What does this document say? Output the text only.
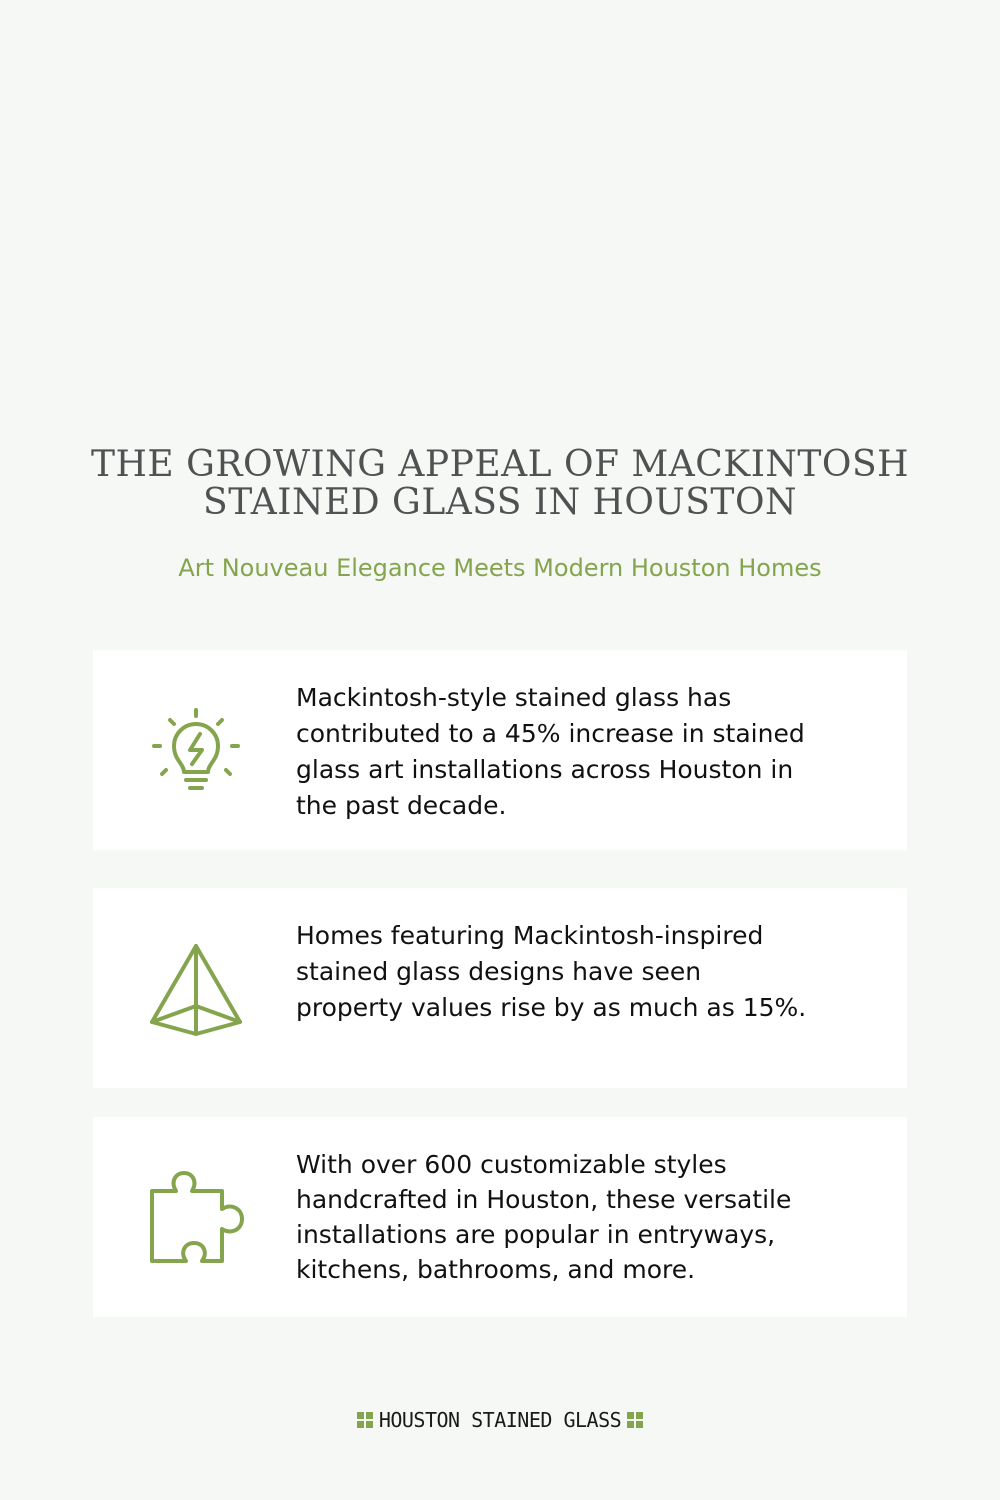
THE GROWING APPEAL OF MACKINTOSH
STAINED GLASS IN HOUSTON
Art Nouveau Elegance Meets Modern Houston Homes
Mackintosh-style stained glass has contributed to a 45% increase in stained glass art installations across Houston in the past decade.
Homes featuring Mackintosh-inspired stained glass designs have seen property values rise by as much as 15%.
With over 600 customizable styles handcrafted in Houston, these versatile installations are popular in entryways, kitchens, bathrooms, and more.
HOUSTON STAINED GLASS
